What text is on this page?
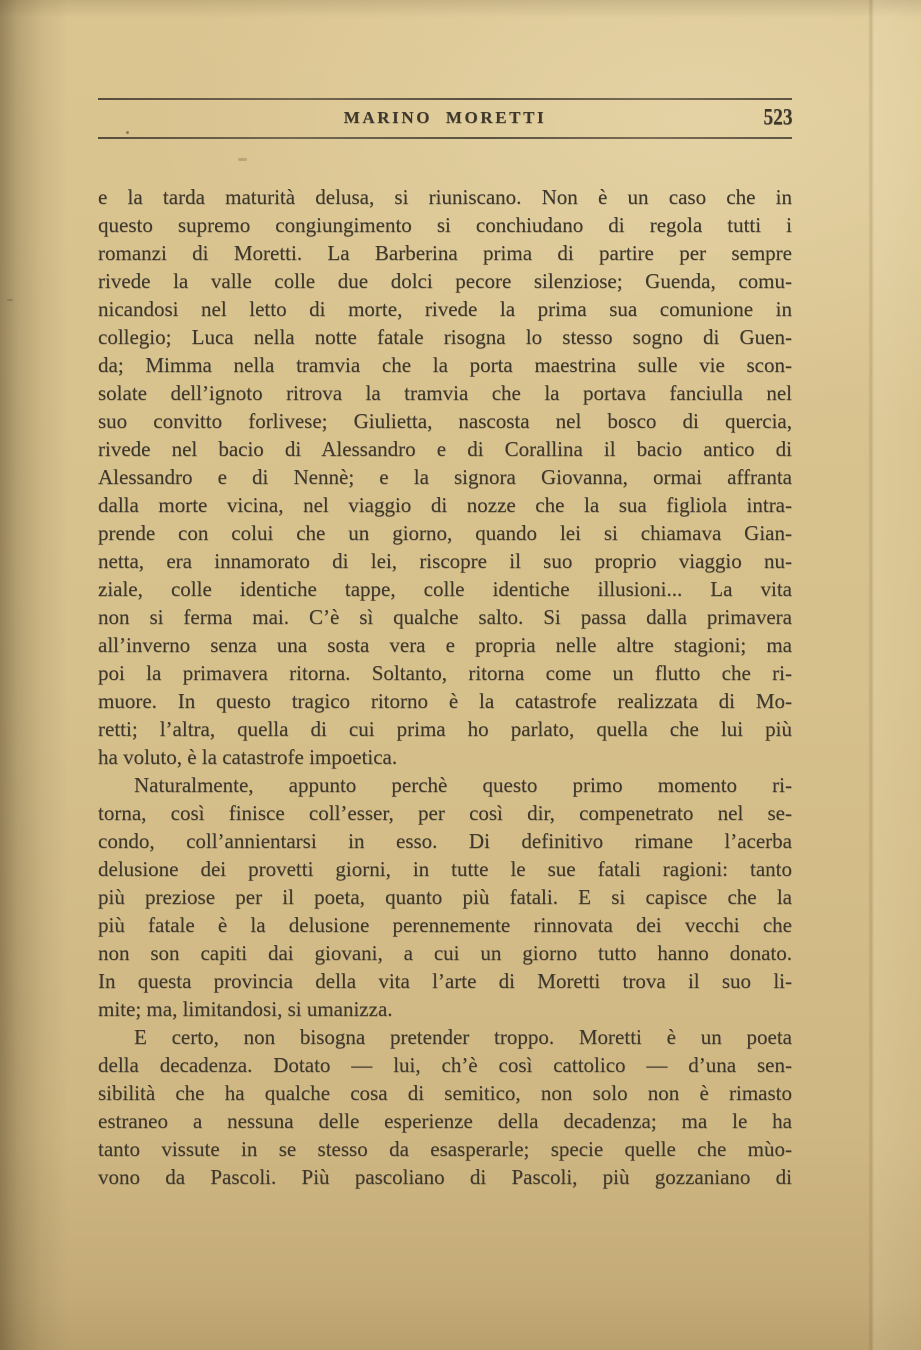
MARINO MORETTI	523
e la tarda maturità delusa, si riuniscano. Non è un caso che in
questo supremo congiungimento si conchiudano di regola tutti i
romanzi di Moretti. La Barberina prima di partire per sempre
rivede la valle colle due dolci pecore silenziose; Guenda, comu-
nicandosi nel letto di morte, rivede la prima sua comunione in
collegio; Luca nella notte fatale risogna lo stesso sogno di Guen-
da; Mimma nella tramvia che la porta maestrina sulle vie scon-
solate dell’ignoto ritrova la tramvia che la portava fanciulla nel
suo convitto forlivese; Giulietta, nascosta nel bosco di quercia,
rivede nel bacio di Alessandro e di Corallina il bacio antico di
Alessandro e di Nennè; e la signora Giovanna, ormai affranta
dalla morte vicina, nel viaggio di nozze che la sua figliola intra-
prende con colui che un giorno, quando lei si chiamava Gian-
netta, era innamorato di lei, riscopre il suo proprio viaggio nu-
ziale, colle identiche tappe, colle identiche illusioni... La vita
non si ferma mai. C’è sì qualche salto. Si passa dalla primavera
all’inverno senza una sosta vera e propria nelle altre stagioni; ma
poi la primavera ritorna. Soltanto, ritorna come un flutto che ri-
muore. In questo tragico ritorno è la catastrofe realizzata di Mo-
retti; l’altra, quella di cui prima ho parlato, quella che lui più
ha voluto, è la catastrofe impoetica.
Naturalmente, appunto perchè questo primo momento ri-
torna, così finisce coll’esser, per così dir, compenetrato nel se-
condo, coll’annientarsi in esso. Di definitivo rimane l’acerba
delusione dei provetti giorni, in tutte le sue fatali ragioni: tanto
più preziose per il poeta, quanto più fatali. E si capisce che la
più fatale è la delusione perennemente rinnovata dei vecchi che
non son capiti dai giovani, a cui un giorno tutto hanno donato.
In questa provincia della vita l’arte di Moretti trova il suo li-
mite; ma, limitandosi, si umanizza.
E certo, non bisogna pretender troppo. Moretti è un poeta
della decadenza. Dotato — lui, ch’è così cattolico — d’una sen-
sibilità che ha qualche cosa di semitico, non solo non è rimasto
estraneo a nessuna delle esperienze della decadenza; ma le ha
tanto vissute in se stesso da esasperarle; specie quelle che mùo-
vono da Pascoli. Più pascoliano di Pascoli, più gozzaniano di
